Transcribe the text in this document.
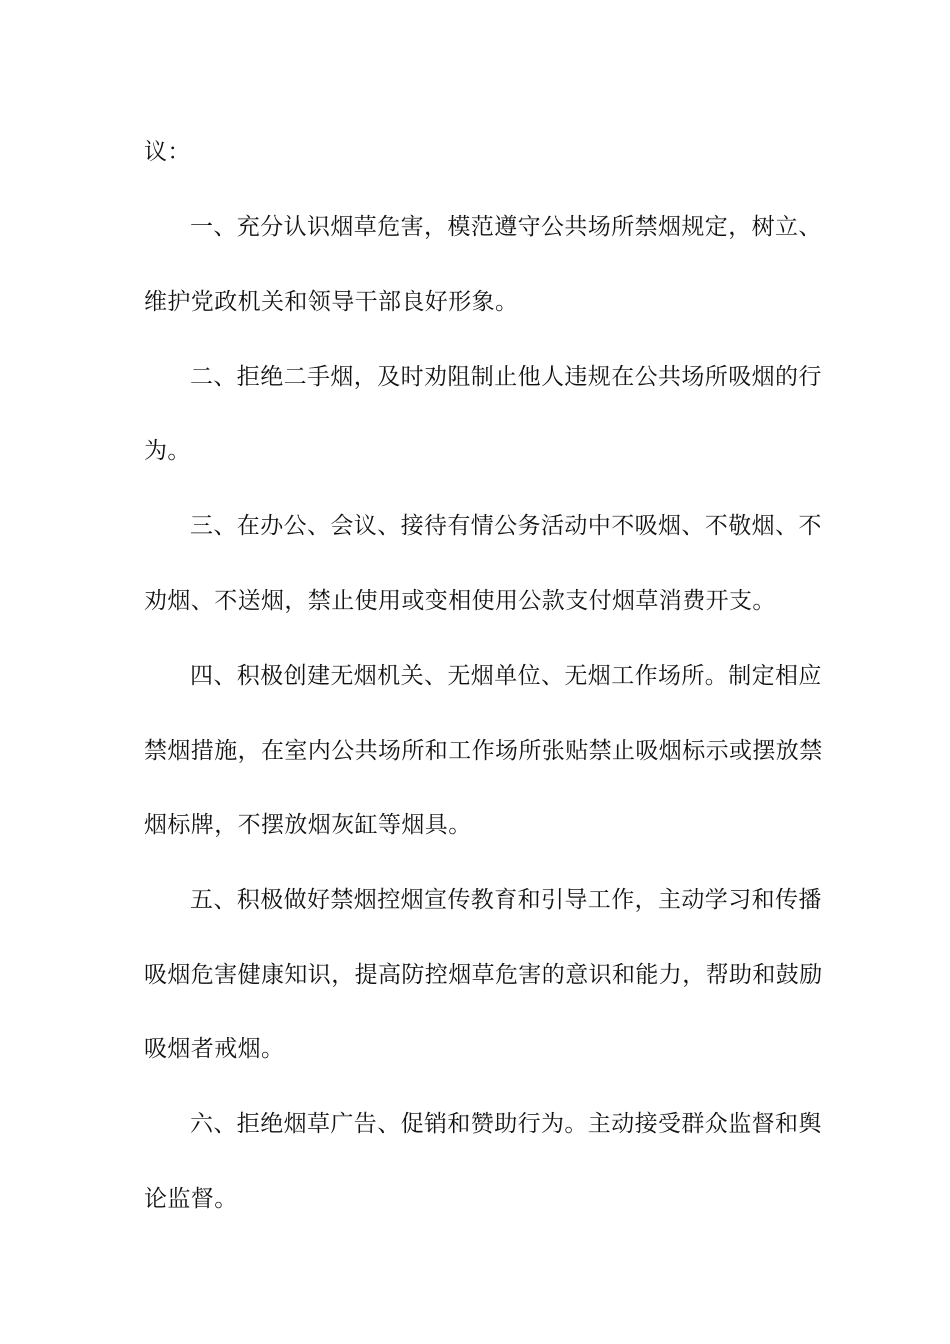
议：
一、充分认识烟草危害，模范遵守公共场所禁烟规定，树立、
维护党政机关和领导干部良好形象。
二、拒绝二手烟，及时劝阻制止他人违规在公共场所吸烟的行
为。
三、在办公、会议、接待有情公务活动中不吸烟、不敬烟、不
劝烟、不送烟，禁止使用或变相使用公款支付烟草消费开支。
四、积极创建无烟机关、无烟单位、无烟工作场所。制定相应
禁烟措施，在室内公共场所和工作场所张贴禁止吸烟标示或摆放禁
烟标牌，不摆放烟灰缸等烟具。
五、积极做好禁烟控烟宣传教育和引导工作，主动学习和传播
吸烟危害健康知识，提高防控烟草危害的意识和能力，帮助和鼓励
吸烟者戒烟。
六、拒绝烟草广告、促销和赞助行为。主动接受群众监督和舆
论监督。
